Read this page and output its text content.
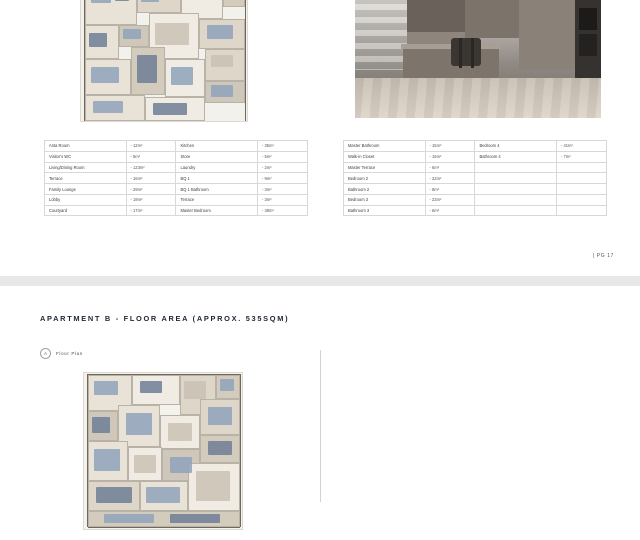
Anta Room	- 12m²	Kitchen	- 35m²
Visitor's WC	- 5m²	Store	- 5m²
Living/Dining Room	- 123m²	Laundry	- 2m²
Terrace	- 16m²	BQ 1	- 9m²
Family Lounge	- 29m²	BQ 1 Bathroom	- 3m²
Lobby	- 19m²	Terrace	- 3m²
Courtyard	- 17m²	Master Bedroom	- 38m²
Master Bathroom	- 15m²	Bedroom 4	- 41m²
Walk-in Closet	- 16m²	Bathroom 4	- 7m²
Master Terrace	- 6m²		
Bedroom 2	- 22m²		
Bathroom 2	- 8m²		
Bedroom 3	- 23m²		
Bathroom 3	- 6m²		
| PG 17
APARTMENT B - FLOOR AREA (APPROX. 535SQM)
A	Floor Plan
